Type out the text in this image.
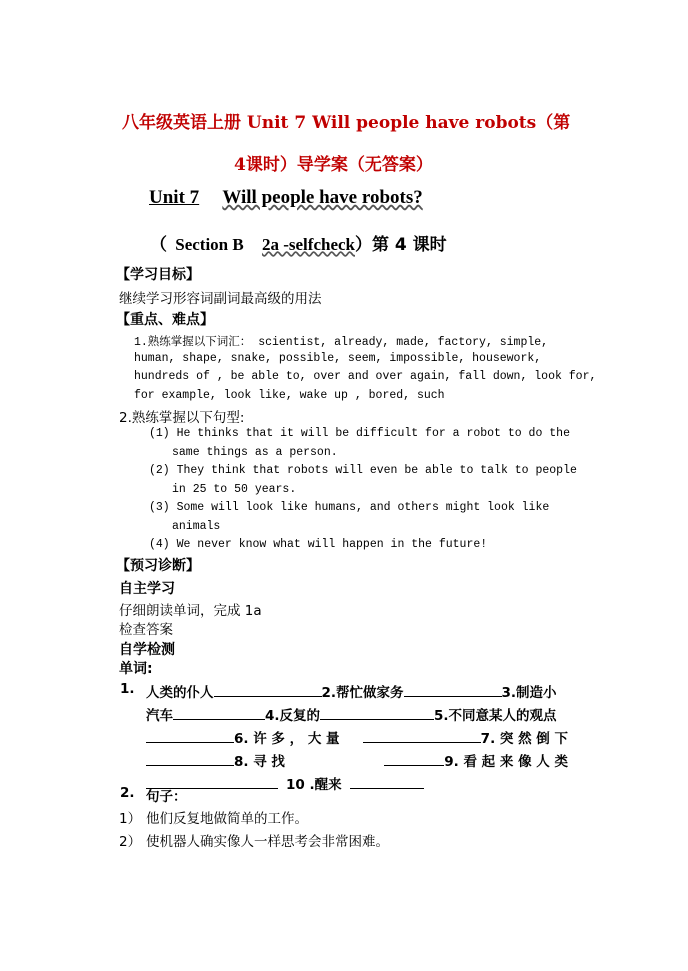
八年级英语上册 Unit 7 Will people have robots（第
4课时）导学案（无答案）
Unit 7 Will people have robots?
（ Section B 2a -selfcheck）第 4 课时
【学习目标】
继续学习形容词副词最高级的用法
【重点、难点】
1.熟练掌握以下词汇： scientist, already, made, factory, simple,
human, shape, snake, possible, seem, impossible, housework,
hundreds of , be able to, over and over again, fall down, look for,
for example, look like, wake up , bored, such
2.熟练掌握以下句型:
(1) He thinks that it will be difficult for a robot to do the
same things as a person.
(2) They think that robots will even be able to talk to people
in 25 to 50 years.
(3) Some will look like humans, and others might look like
animals
(4) We never know what will happen in the future!
【预习诊断】
自主学习
仔细朗读单词，完成 1a
检查答案
自学检测
单词:
1. 人类的仆人	2.帮忙做家务	3.制造小
汽车	4.反复的	5.不同意某人的观点
6. 许 多 ， 大 量	7. 突 然 倒 下
8. 寻 找	9. 看 起 来 像 人 类
10 .醒来
2. 句子：
1） 他们反复地做简单的工作。
2） 使机器人确实像人一样思考会非常困难。
